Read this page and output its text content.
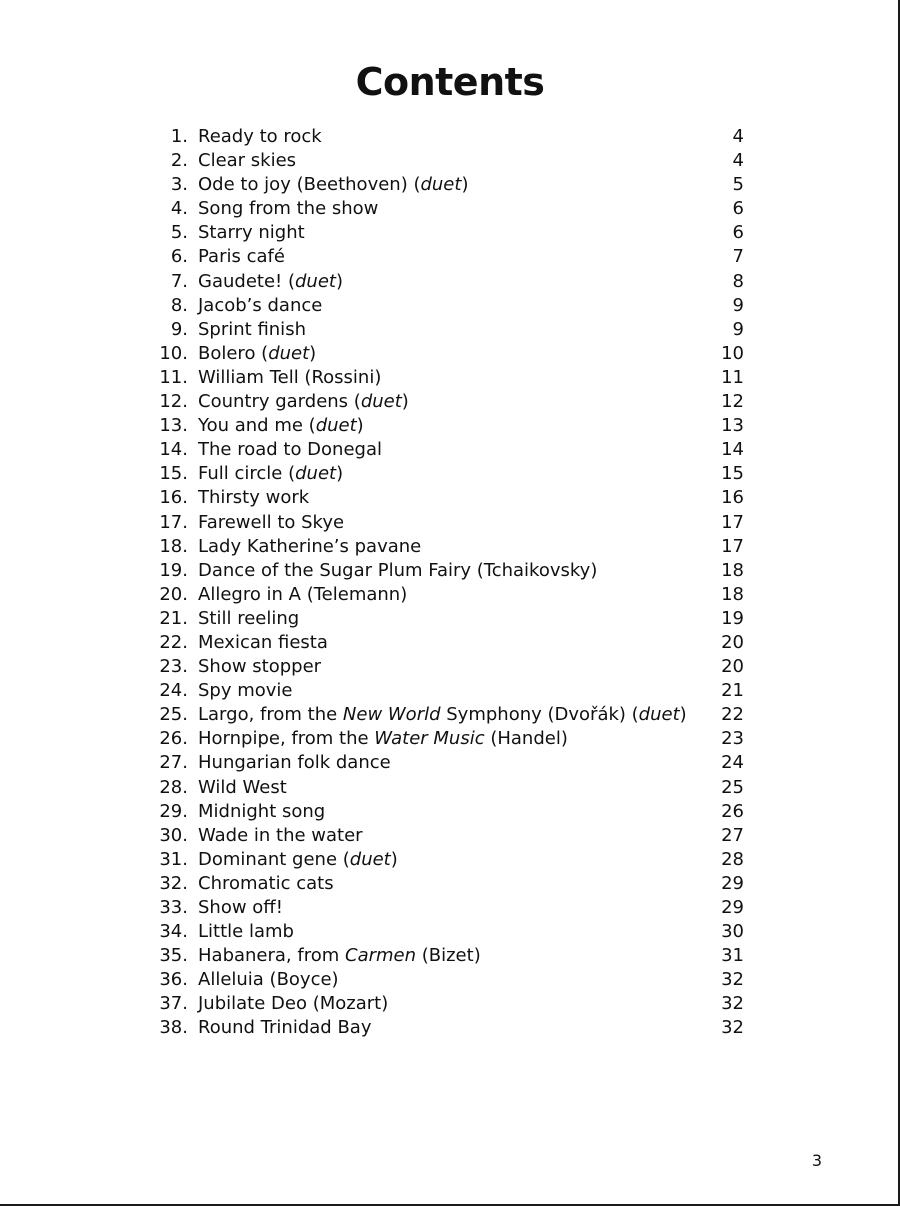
Contents
1. Ready to rock	4
2. Clear skies	4
3. Ode to joy (Beethoven) (duet)	5
4. Song from the show	6
5. Starry night	6
6. Paris café	7
7. Gaudete! (duet)	8
8. Jacob’s dance	9
9. Sprint finish	9
10. Bolero (duet)	10
11. William Tell (Rossini)	11
12. Country gardens (duet)	12
13. You and me (duet)	13
14. The road to Donegal	14
15. Full circle (duet)	15
16. Thirsty work	16
17. Farewell to Skye	17
18. Lady Katherine’s pavane	17
19. Dance of the Sugar Plum Fairy (Tchaikovsky)	18
20. Allegro in A (Telemann)	18
21. Still reeling	19
22. Mexican fiesta	20
23. Show stopper	20
24. Spy movie	21
25. Largo, from the New World Symphony (Dvořák) (duet)	22
26. Hornpipe, from the Water Music (Handel)	23
27. Hungarian folk dance	24
28. Wild West	25
29. Midnight song	26
30. Wade in the water	27
31. Dominant gene (duet)	28
32. Chromatic cats	29
33. Show off!	29
34. Little lamb	30
35. Habanera, from Carmen (Bizet)	31
36. Alleluia (Boyce)	32
37. Jubilate Deo (Mozart)	32
38. Round Trinidad Bay	32
3
